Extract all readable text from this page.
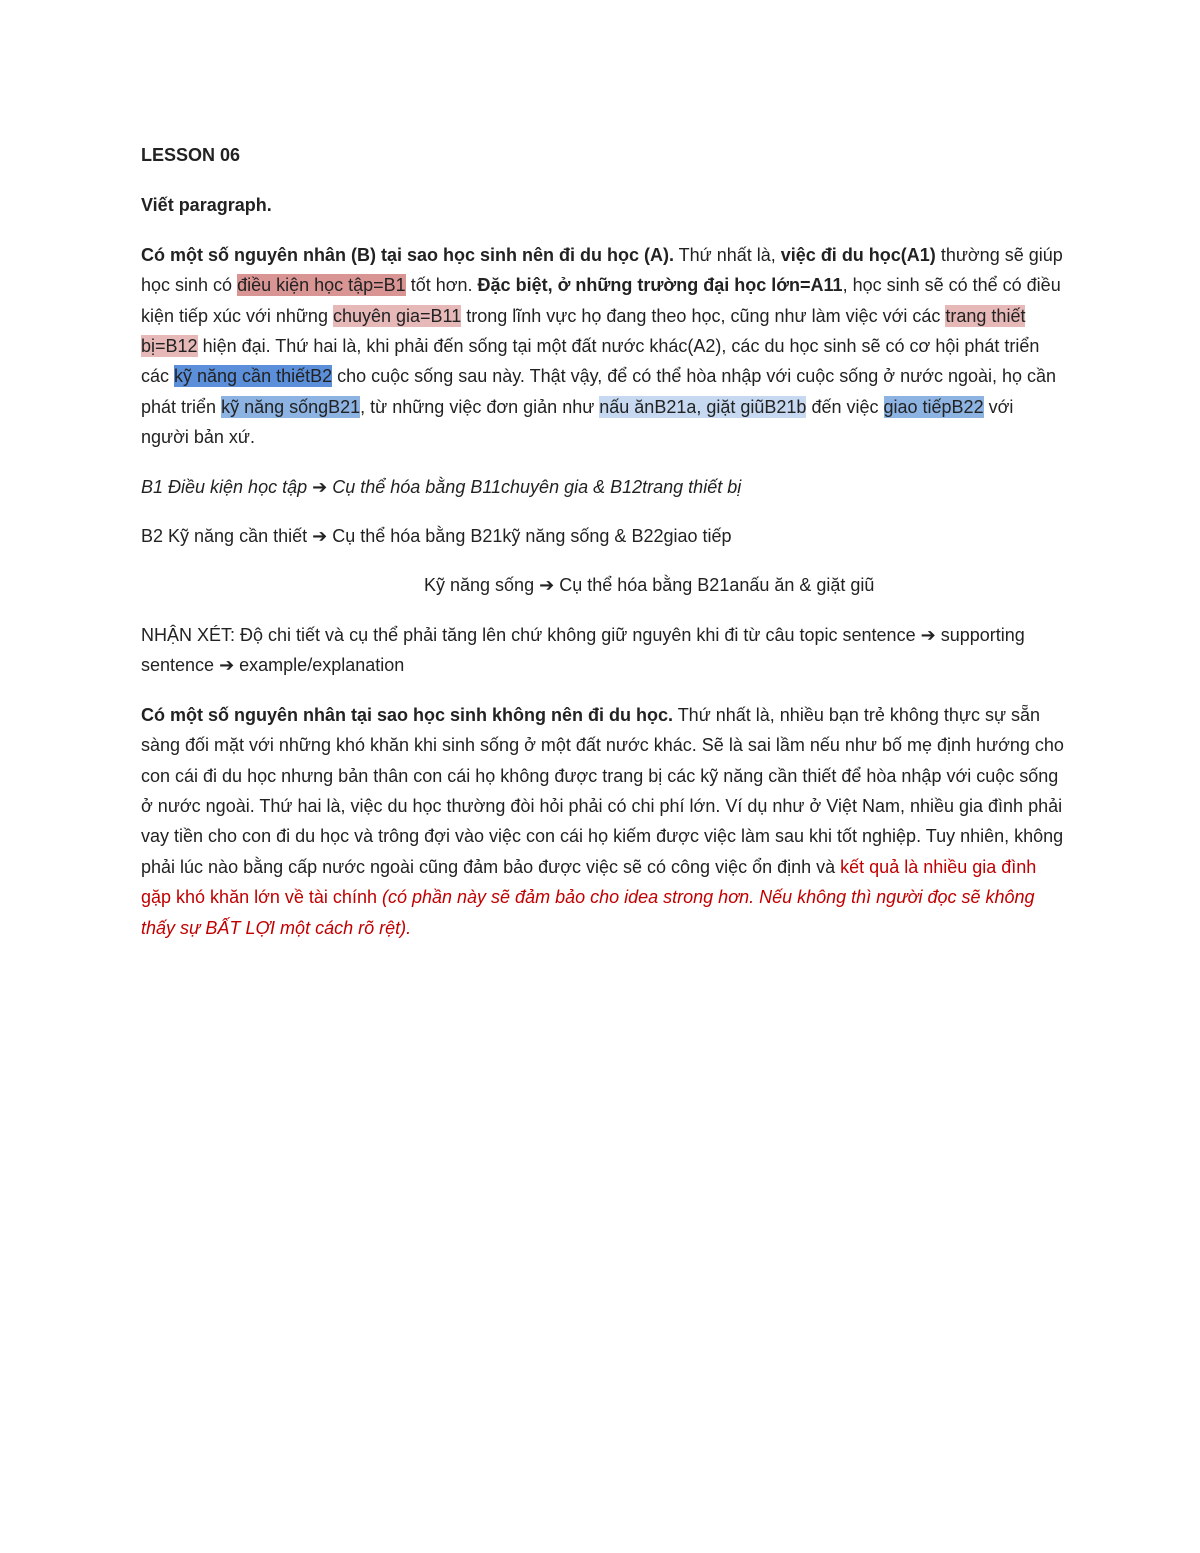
LESSON 06

Viết paragraph.

Có một số nguyên nhân (B) tại sao học sinh nên đi du học (A). Thứ nhất là, việc đi du học(A1) thường sẽ giúp học sinh có điều kiện học tập=B1 tốt hơn. Đặc biệt, ở những trường đại học lớn=A11, học sinh sẽ có thể có điều kiện tiếp xúc với những chuyên gia=B11 trong lĩnh vực họ đang theo học, cũng như làm việc với các trang thiết bị=B12 hiện đại. Thứ hai là, khi phải đến sống tại một đất nước khác(A2), các du học sinh sẽ có cơ hội phát triển các kỹ năng cần thiếtB2 cho cuộc sống sau này. Thật vậy, để có thể hòa nhập với cuộc sống ở nước ngoài, họ cần phát triển kỹ năng sốngB21, từ những việc đơn giản như nấu ănB21a, giặt giũB21b đến việc giao tiếpB22 với người bản xứ.

B1 Điều kiện học tập ➔ Cụ thể hóa bằng B11chuyên gia & B12trang thiết bị

B2 Kỹ năng cần thiết ➔ Cụ thể hóa bằng B21kỹ năng sống & B22giao tiếp

Kỹ năng sống ➔ Cụ thể hóa bằng B21anấu ăn & giặt giũ

NHẬN XÉT: Độ chi tiết và cụ thể phải tăng lên chứ không giữ nguyên khi đi từ câu topic sentence ➔ supporting sentence ➔ example/explanation

Có một số nguyên nhân tại sao học sinh không nên đi du học. Thứ nhất là, nhiều bạn trẻ không thực sự sẵn sàng đối mặt với những khó khăn khi sinh sống ở một đất nước khác. Sẽ là sai lầm nếu như bố mẹ định hướng cho con cái đi du học nhưng bản thân con cái họ không được trang bị các kỹ năng cần thiết để hòa nhập với cuộc sống ở nước ngoài. Thứ hai là, việc du học thường đòi hỏi phải có chi phí lớn. Ví dụ như ở Việt Nam, nhiều gia đình phải vay tiền cho con đi du học và trông đợi vào việc con cái họ kiếm được việc làm sau khi tốt nghiệp. Tuy nhiên, không phải lúc nào bằng cấp nước ngoài cũng đảm bảo được việc sẽ có công việc ổn định và kết quả là nhiều gia đình gặp khó khăn lớn về tài chính (có phần này sẽ đảm bảo cho idea strong hơn. Nếu không thì người đọc sẽ không thấy sự BẤT LỢI một cách rõ rệt).
